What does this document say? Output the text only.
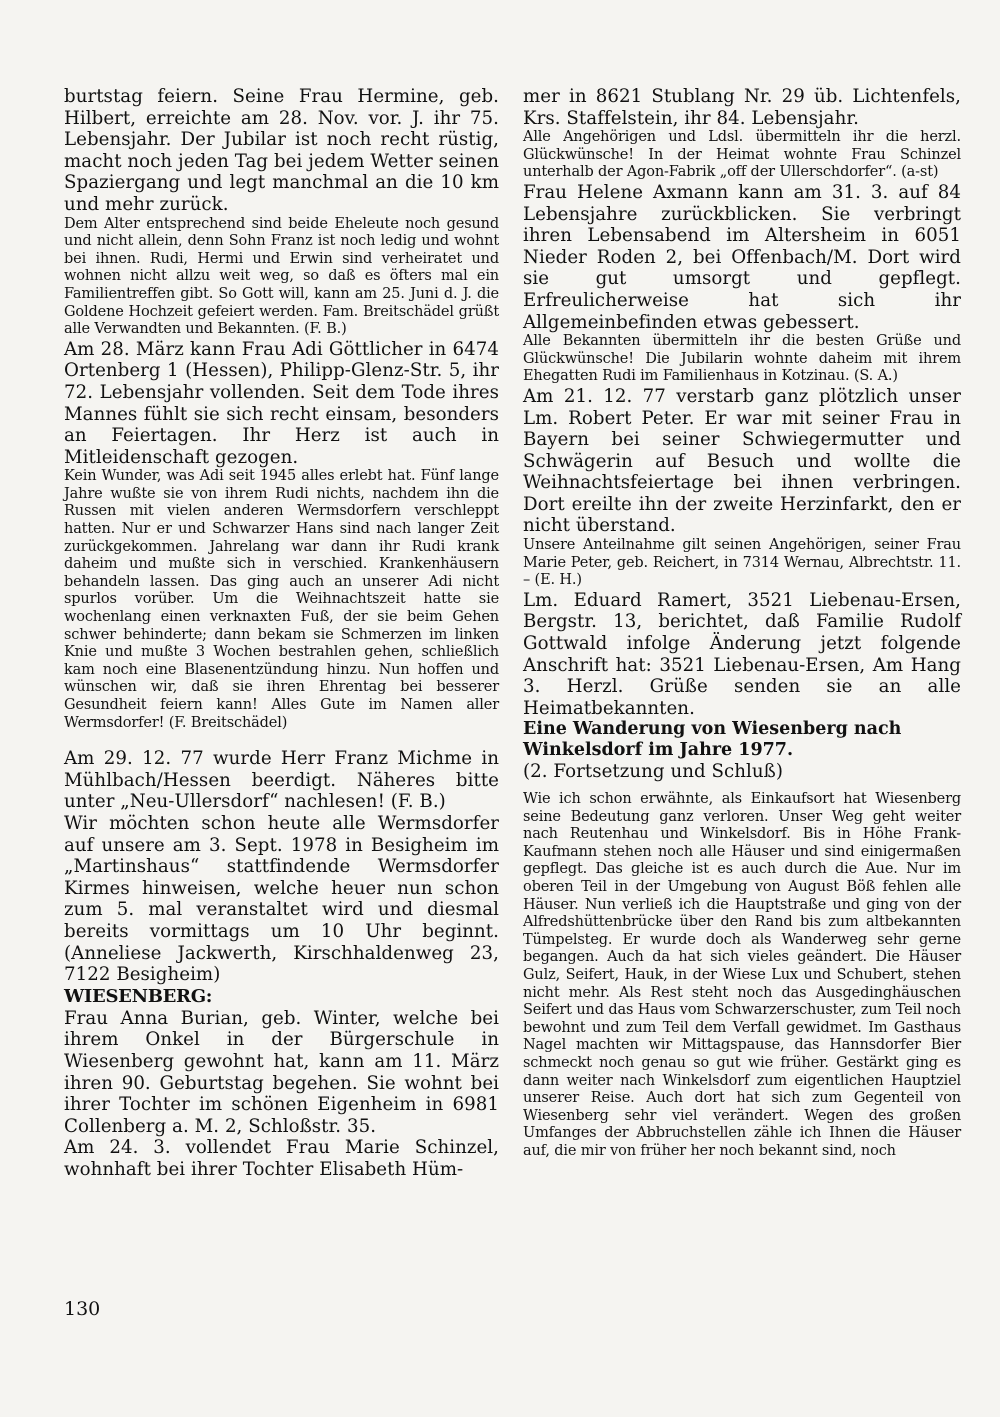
burtstag feiern. Seine Frau Hermine, geb. Hilbert, erreichte am 28. Nov. vor. J. ihr 75. Lebensjahr. Der Jubilar ist noch recht rüstig, macht noch jeden Tag bei jedem Wetter seinen Spaziergang und legt manchmal an die 10 km und mehr zurück.

Dem Alter entsprechend sind beide Eheleute noch gesund und nicht allein, denn Sohn Franz ist noch ledig und wohnt bei ihnen. Rudi, Hermi und Erwin sind verheiratet und wohnen nicht allzu weit weg, so daß es öfters mal ein Familientreffen gibt. So Gott will, kann am 25. Juni d. J. die Goldene Hochzeit gefeiert werden. Fam. Breitschädel grüßt alle Verwandten und Bekannten. (F. B.)

Am 28. März kann Frau Adi Göttlicher in 6474 Ortenberg 1 (Hessen), Philipp-Glenz-Str. 5, ihr 72. Lebensjahr vollenden. Seit dem Tode ihres Mannes fühlt sie sich recht einsam, besonders an Feiertagen. Ihr Herz ist auch in Mitleidenschaft gezogen.

Kein Wunder, was Adi seit 1945 alles erlebt hat. Fünf lange Jahre wußte sie von ihrem Rudi nichts, nachdem ihn die Russen mit vielen anderen Wermsdorfern verschleppt hatten. Nur er und Schwarzer Hans sind nach langer Zeit zurückgekommen. Jahrelang war dann ihr Rudi krank daheim und mußte sich in verschied. Krankenhäusern behandeln lassen. Das ging auch an unserer Adi nicht spurlos vorüber. Um die Weihnachtszeit hatte sie wochenlang einen verknaxten Fuß, der sie beim Gehen schwer behinderte; dann bekam sie Schmerzen im linken Knie und mußte 3 Wochen bestrahlen gehen, schließlich kam noch eine Blasenentzündung hinzu. Nun hoffen und wünschen wir, daß sie ihren Ehrentag bei besserer Gesundheit feiern kann! Alles Gute im Namen aller Wermsdorfer! (F. Breitschädel)

Am 29. 12. 77 wurde Herr Franz Michme in Mühlbach/Hessen beerdigt. Näheres bitte unter „Neu-Ullersdorf“ nachlesen! (F. B.)

Wir möchten schon heute alle Wermsdorfer auf unsere am 3. Sept. 1978 in Besigheim im „Martinshaus“ stattfindende Wermsdorfer Kirmes hinweisen, welche heuer nun schon zum 5. mal veranstaltet wird und diesmal bereits vormittags um 10 Uhr beginnt. (Anneliese Jackwerth, Kirschhaldenweg 23, 7122 Besigheim)

WIESENBERG:

Frau Anna Burian, geb. Winter, welche bei ihrem Onkel in der Bürgerschule in Wiesenberg gewohnt hat, kann am 11. März ihren 90. Geburtstag begehen. Sie wohnt bei ihrer Tochter im schönen Eigenheim in 6981 Collenberg a. M. 2, Schloßstr. 35.

Am 24. 3. vollendet Frau Marie Schinzel, wohnhaft bei ihrer Tochter Elisabeth Hüm-

mer in 8621 Stublang Nr. 29 üb. Lichtenfels, Krs. Staffelstein, ihr 84. Lebensjahr.

Alle Angehörigen und Ldsl. übermitteln ihr die herzl. Glückwünsche! In der Heimat wohnte Frau Schinzel unterhalb der Agon-Fabrik „off der Ullerschdorfer“. (a-st)

Frau Helene Axmann kann am 31. 3. auf 84 Lebensjahre zurückblicken. Sie verbringt ihren Lebensabend im Altersheim in 6051 Nieder Roden 2, bei Offenbach/M. Dort wird sie gut umsorgt und gepflegt. Erfreulicherweise hat sich ihr Allgemeinbefinden etwas gebessert.

Alle Bekannten übermitteln ihr die besten Grüße und Glückwünsche! Die Jubilarin wohnte daheim mit ihrem Ehegatten Rudi im Familienhaus in Kotzinau. (S. A.)

Am 21. 12. 77 verstarb ganz plötzlich unser Lm. Robert Peter. Er war mit seiner Frau in Bayern bei seiner Schwiegermutter und Schwägerin auf Besuch und wollte die Weihnachtsfeiertage bei ihnen verbringen. Dort ereilte ihn der zweite Herzinfarkt, den er nicht überstand.

Unsere Anteilnahme gilt seinen Angehörigen, seiner Frau Marie Peter, geb. Reichert, in 7314 Wernau, Albrechtstr. 11. – (E. H.)

Lm. Eduard Ramert, 3521 Liebenau-Ersen, Bergstr. 13, berichtet, daß Familie Rudolf Gottwald infolge Änderung jetzt folgende Anschrift hat: 3521 Liebenau-Ersen, Am Hang 3. Herzl. Grüße senden sie an alle Heimatbekannten.

Eine Wanderung von Wiesenberg nach Winkelsdorf im Jahre 1977.

(2. Fortsetzung und Schluß)

Wie ich schon erwähnte, als Einkaufsort hat Wiesenberg seine Bedeutung ganz verloren. Unser Weg geht weiter nach Reutenhau und Winkelsdorf. Bis in Höhe Frank-Kaufmann stehen noch alle Häuser und sind einigermaßen gepflegt. Das gleiche ist es auch durch die Aue. Nur im oberen Teil in der Umgebung von August Böß fehlen alle Häuser. Nun verließ ich die Hauptstraße und ging von der Alfredshüttenbrücke über den Rand bis zum altbekannten Tümpelsteg. Er wurde doch als Wanderweg sehr gerne begangen. Auch da hat sich vieles geändert. Die Häuser Gulz, Seifert, Hauk, in der Wiese Lux und Schubert, stehen nicht mehr. Als Rest steht noch das Ausgedinghäuschen Seifert und das Haus vom Schwarzerschuster, zum Teil noch bewohnt und zum Teil dem Verfall gewidmet. Im Gasthaus Nagel machten wir Mittagspause, das Hannsdorfer Bier schmeckt noch genau so gut wie früher. Gestärkt ging es dann weiter nach Winkelsdorf zum eigentlichen Hauptziel unserer Reise. Auch dort hat sich zum Gegenteil von Wiesenberg sehr viel verändert. Wegen des großen Umfanges der Abbruchstellen zähle ich Ihnen die Häuser auf, die mir von früher her noch bekannt sind, noch

130
